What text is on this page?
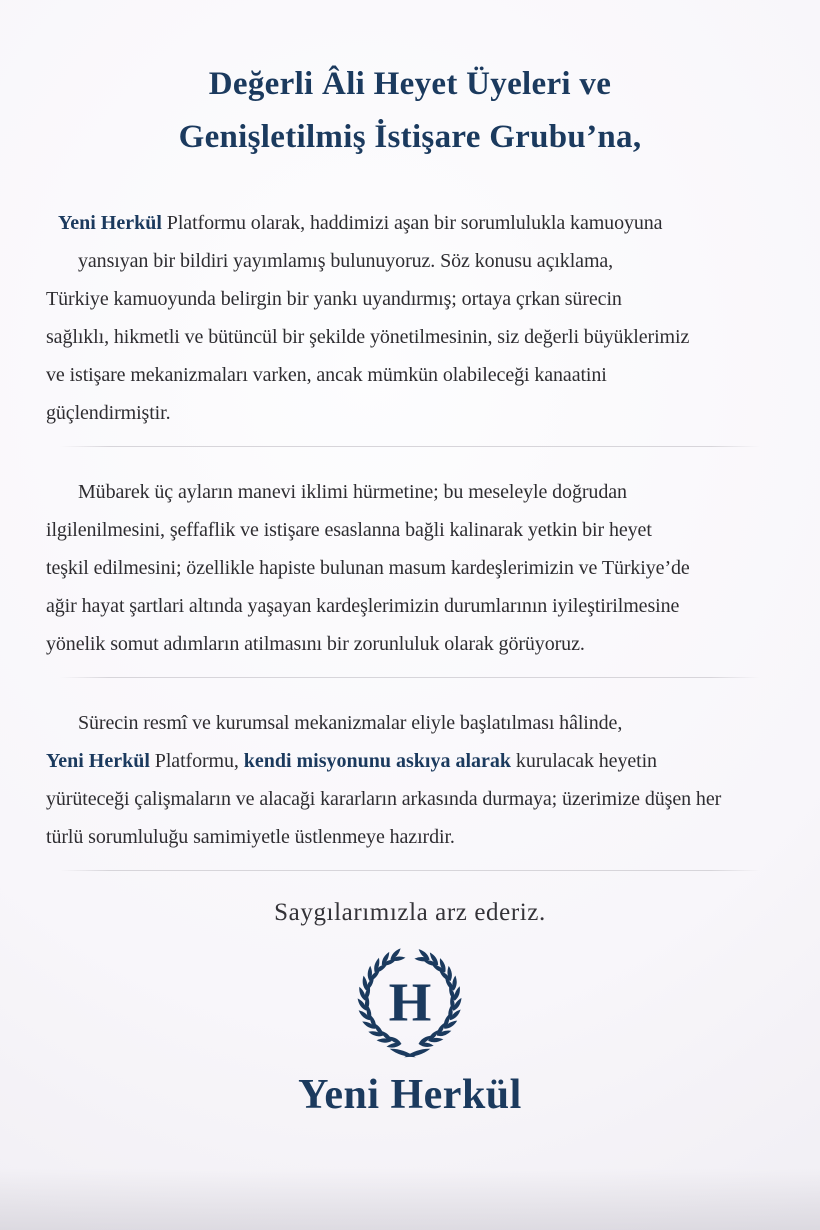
Değerli Âli Heyet Üyeleri ve
Genişletilmiş İstişare Grubu’na,
Yeni Herkül Platformu olarak, haddimizi aşan bir sorumlulukla kamuoyuna
yansıyan bir bildiri yayımlamış bulunuyoruz. Söz konusu açıklama,
Türkiye kamuoyunda belirgin bir yankı uyandırmış; ortaya çrkan sürecin
sağlıklı, hikmetli ve bütüncül bir şekilde yönetilmesinin, siz değerli büyüklerimiz
ve istişare mekanizmaları varken, ancak mümkün olabileceği kanaatini
güçlendirmiştir.
Mübarek üç ayların manevi iklimi hürmetine; bu meseleyle doğrudan
ilgilenilmesini, şeffaflik ve istişare esaslanna bağli kalinarak yetkin bir heyet
teşkil edilmesini; özellikle hapiste bulunan masum kardeşlerimizin ve Türkiye’de
ağir hayat şartlari altında yaşayan kardeşlerimizin durumlarının iyileştirilmesine
yönelik somut adımların atilmasını bir zorunluluk olarak görüyoruz.
Sürecin resmî ve kurumsal mekanizmalar eliyle başlatılması hâlinde,
Yeni Herkül Platformu, kendi misyonunu askıya alarak kurulacak heyetin
yürüteceği çalişmaların ve alacaği kararların arkasında durmaya; üzerimize düşen her
türlü sorumluluğu samimiyetle üstlenmeye hazırdir.
Saygılarımızla arz ederiz.
H
Yeni Herkül
